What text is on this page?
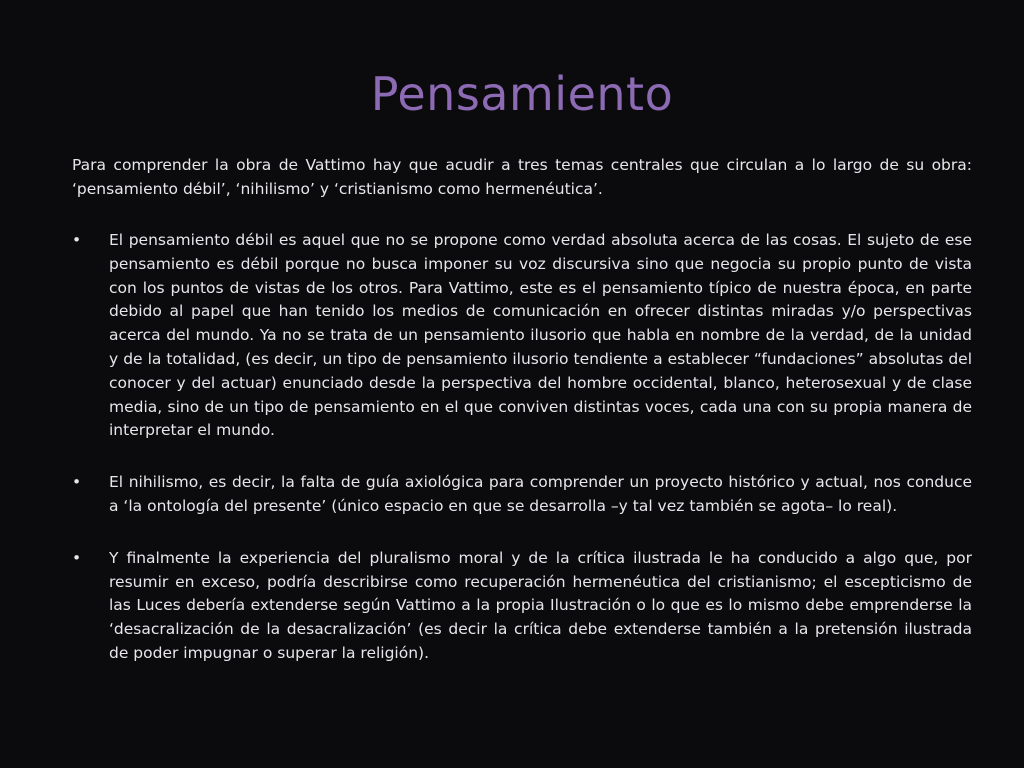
Pensamiento

Para comprender la obra de Vattimo hay que acudir a tres temas centrales que circulan a lo largo de su obra: ‘pensamiento débil’, ‘nihilismo’ y ‘cristianismo como hermenéutica’.

•	El pensamiento débil es aquel que no se propone como verdad absoluta acerca de las cosas. El sujeto de ese pensamiento es débil porque no busca imponer su voz discursiva sino que negocia su propio punto de vista con los puntos de vistas de los otros. Para Vattimo, este es el pensamiento típico de nuestra época, en parte debido al papel que han tenido los medios de comunicación en ofrecer distintas miradas y/o perspectivas acerca del mundo. Ya no se trata de un pensamiento ilusorio que habla en nombre de la verdad, de la unidad y de la totalidad, (es decir, un tipo de pensamiento ilusorio tendiente a establecer “fundaciones” absolutas del conocer y del actuar) enunciado desde la perspectiva del hombre occidental, blanco, heterosexual y de clase media, sino de un tipo de pensamiento en el que conviven distintas voces, cada una con su propia manera de interpretar el mundo.
•	El nihilismo, es decir, la falta de guía axiológica para comprender un proyecto histórico y actual, nos conduce a ‘la ontología del presente’ (único espacio en que se desarrolla –y tal vez también se agota– lo real).
•	Y finalmente la experiencia del pluralismo moral y de la crítica ilustrada le ha conducido a algo que, por resumir en exceso, podría describirse como recuperación hermenéutica del cristianismo; el escepticismo de las Luces debería extenderse según Vattimo a la propia Ilustración o lo que es lo mismo debe emprenderse la ‘desacralización de la desacralización’ (es decir la crítica debe extenderse también a la pretensión ilustrada de poder impugnar o superar la religión).
